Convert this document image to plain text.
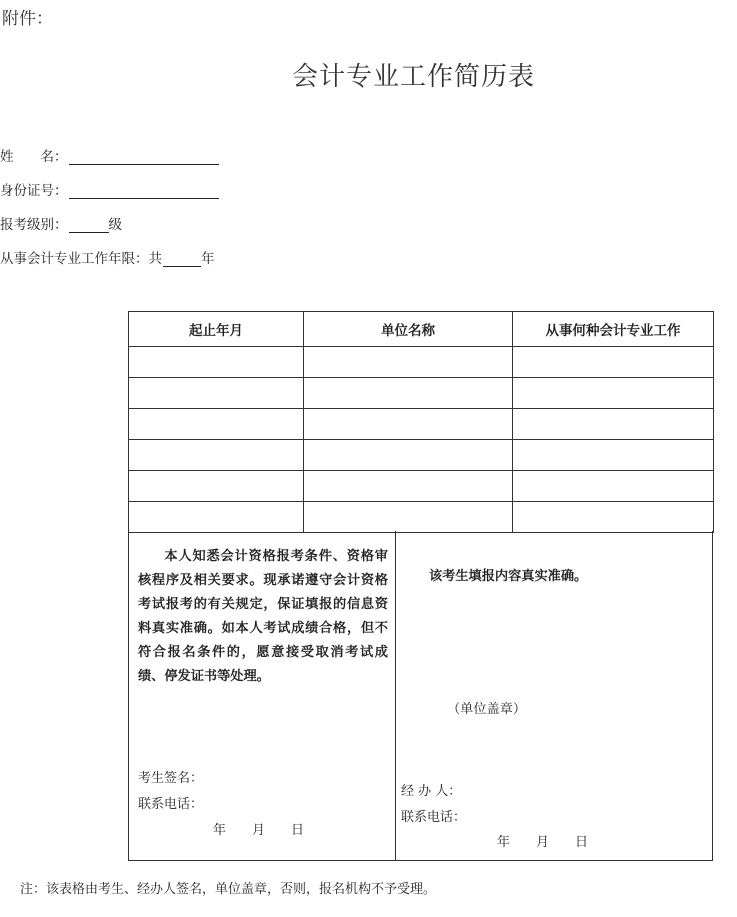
附件：
会计专业工作简历表
姓　　名：
身份证号：
报考级别：	级
从事会计专业工作年限：共	年
起止年月	单位名称	从事何种会计专业工作

本人知悉会计资格报考条件、资格审核程序及相关要求。现承诺遵守会计资格考试报考的有关规定，保证填报的信息资料真实准确。如本人考试成绩合格，但不符合报名条件的，愿意接受取消考试成绩、停发证书等处理。
考生签名：
联系电话：
年　　月　　日
该考生填报内容真实准确。
（单位盖章）
经 办 人：
联系电话：
年　　月　　日
注：该表格由考生、经办人签名，单位盖章，否则，报名机构不予受理。
